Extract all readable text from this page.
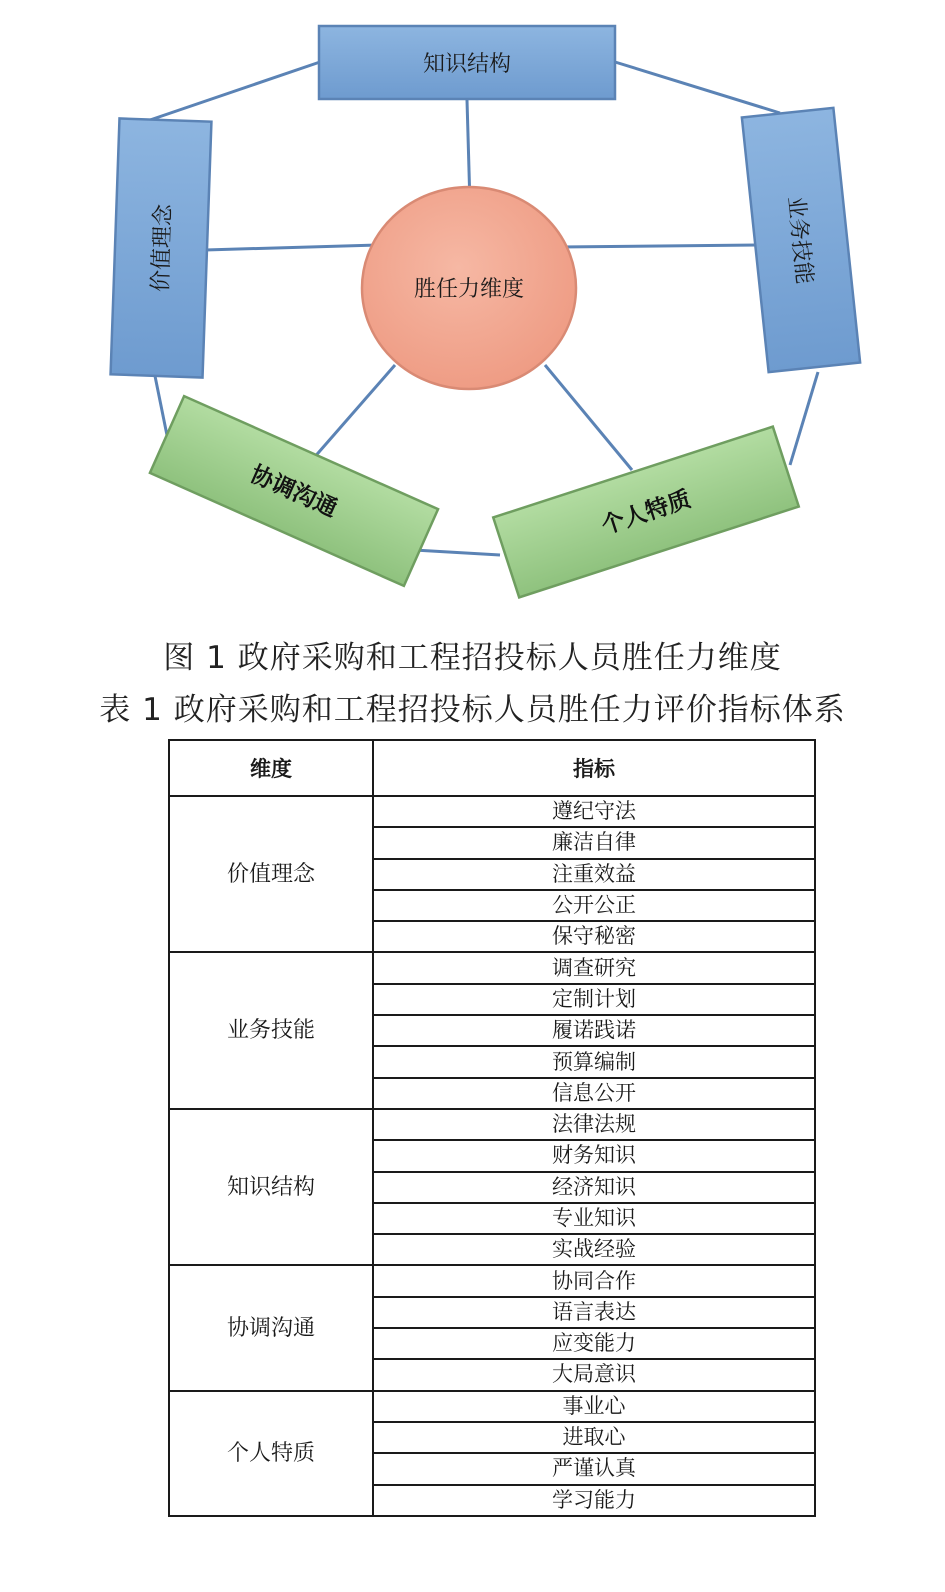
胜任力维度
知识结构
价值理念	业务技能
协调沟通	个人特质
图 1 政府采购和工程招投标人员胜任力维度
表 1 政府采购和工程招投标人员胜任力评价指标体系
维度	指标
价值理念	遵纪守法
	廉洁自律
	注重效益
	公开公正
	保守秘密
业务技能	调查研究
	定制计划
	履诺践诺
	预算编制
	信息公开
知识结构	法律法规
	财务知识
	经济知识
	专业知识
	实战经验
协调沟通	协同合作
	语言表达
	应变能力
	大局意识
个人特质	事业心
	进取心
	严谨认真
	学习能力
